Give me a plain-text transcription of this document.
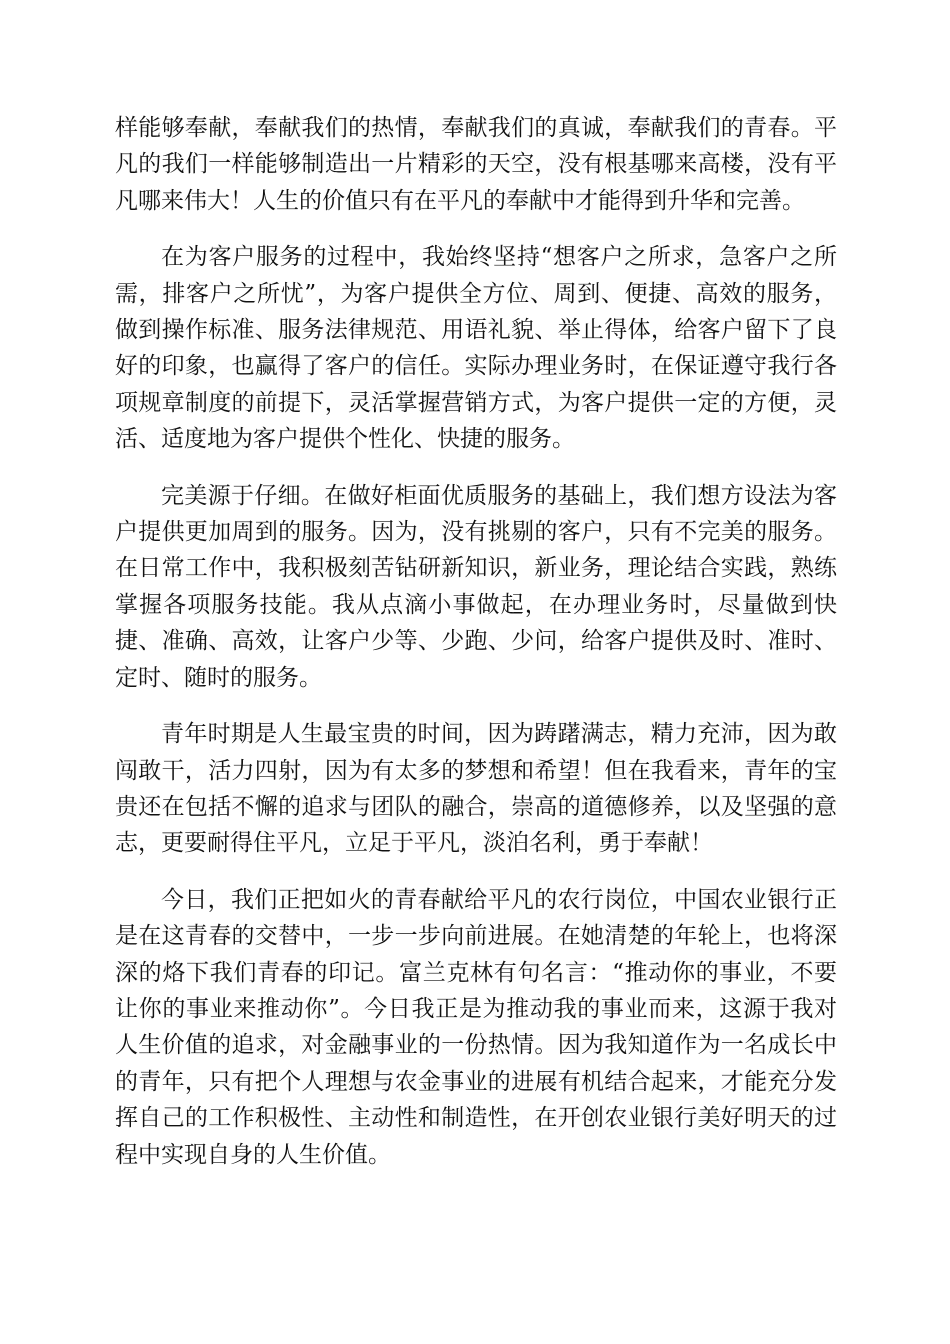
样能够奉献，奉献我们的热情，奉献我们的真诚，奉献我们的青春。平凡的我们一样能够制造出一片精彩的天空，没有根基哪来高楼，没有平凡哪来伟大！人生的价值只有在平凡的奉献中才能得到升华和完善。

在为客户服务的过程中，我始终坚持“想客户之所求，急客户之所需，排客户之所忧”，为客户提供全方位、周到、便捷、高效的服务，做到操作标准、服务法律规范、用语礼貌、举止得体，给客户留下了良好的印象，也赢得了客户的信任。实际办理业务时，在保证遵守我行各项规章制度的前提下，灵活掌握营销方式，为客户提供一定的方便，灵活、适度地为客户提供个性化、快捷的服务。

完美源于仔细。在做好柜面优质服务的基础上，我们想方设法为客户提供更加周到的服务。因为，没有挑剔的客户，只有不完美的服务。在日常工作中，我积极刻苦钻研新知识，新业务，理论结合实践，熟练掌握各项服务技能。我从点滴小事做起，在办理业务时，尽量做到快捷、准确、高效，让客户少等、少跑、少问，给客户提供及时、准时、定时、随时的服务。

青年时期是人生最宝贵的时间，因为踌躇满志，精力充沛，因为敢闯敢干，活力四射，因为有太多的梦想和希望！但在我看来，青年的宝贵还在包括不懈的追求与团队的融合，崇高的道德修养，以及坚强的意志，更要耐得住平凡，立足于平凡，淡泊名利，勇于奉献！

今日，我们正把如火的青春献给平凡的农行岗位，中国农业银行正是在这青春的交替中，一步一步向前进展。在她清楚的年轮上，也将深深的烙下我们青春的印记。富兰克林有句名言：“推动你的事业，不要让你的事业来推动你”。今日我正是为推动我的事业而来，这源于我对人生价值的追求，对金融事业的一份热情。因为我知道作为一名成长中的青年，只有把个人理想与农金事业的进展有机结合起来，才能充分发挥自己的工作积极性、主动性和制造性，在开创农业银行美好明天的过程中实现自身的人生价值。
